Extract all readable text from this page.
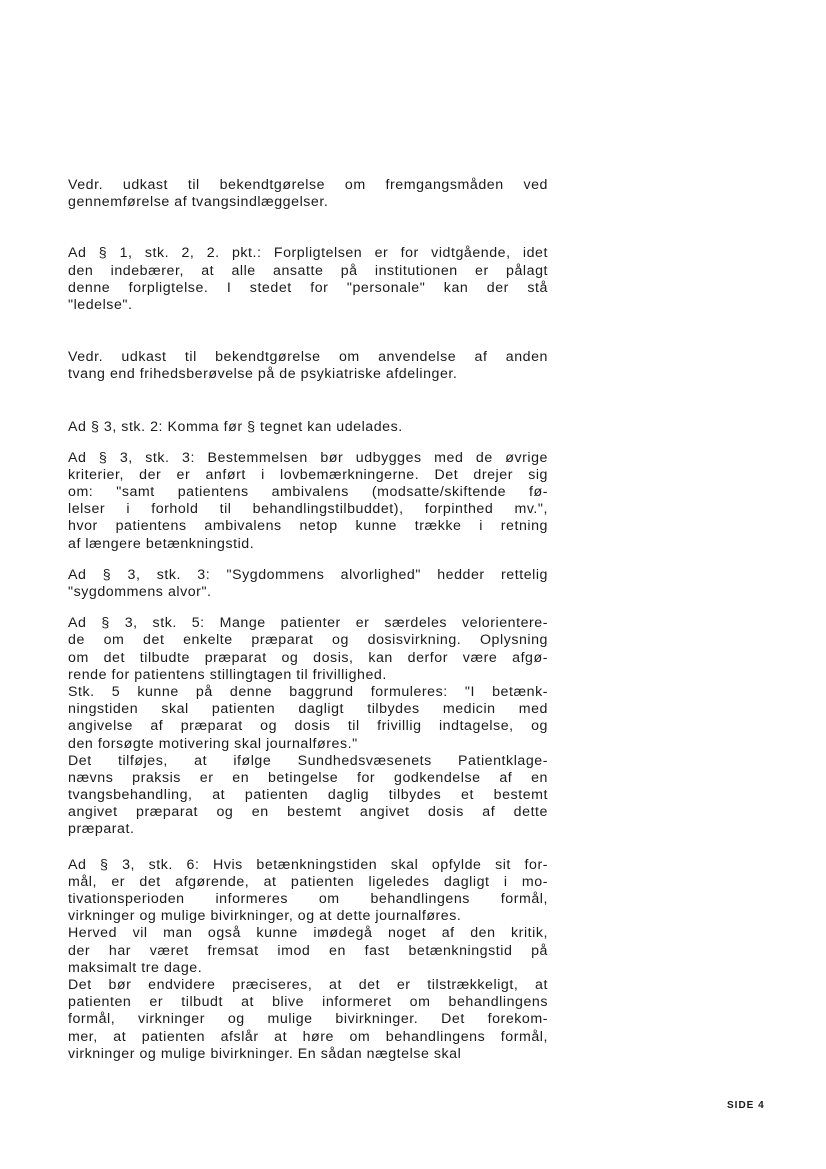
Vedr. udkast til bekendtgørelse om fremgangsmåden ved
gennemførelse af tvangsindlæggelser.
Ad § 1, stk. 2, 2. pkt.: Forpligtelsen er for vidtgående, idet
den indebærer, at alle ansatte på institutionen er pålagt
denne forpligtelse. I stedet for "personale" kan der stå
"ledelse".
Vedr. udkast til bekendtgørelse om anvendelse af anden
tvang end frihedsberøvelse på de psykiatriske afdelinger.
Ad § 3, stk. 2: Komma før § tegnet kan udelades.
Ad § 3, stk. 3: Bestemmelsen bør udbygges med de øvrige
kriterier, der er anført i lovbemærkningerne. Det drejer sig
om: "samt patientens ambivalens (modsatte/skiftende fø-
lelser i forhold til behandlingstilbuddet), forpinthed mv.",
hvor patientens ambivalens netop kunne trække i retning
af længere betænkningstid.
Ad § 3, stk. 3: "Sygdommens alvorlighed" hedder rettelig
"sygdommens alvor".
Ad § 3, stk. 5: Mange patienter er særdeles velorientere-
de om det enkelte præparat og dosisvirkning. Oplysning
om det tilbudte præparat og dosis, kan derfor være afgø-
rende for patientens stillingtagen til frivillighed.
Stk. 5 kunne på denne baggrund formuleres: "I betænk-
ningstiden skal patienten dagligt tilbydes medicin med
angivelse af præparat og dosis til frivillig indtagelse, og
den forsøgte motivering skal journalføres."
Det tilføjes, at ifølge Sundhedsvæsenets Patientklage-
nævns praksis er en betingelse for godkendelse af en
tvangsbehandling, at patienten daglig tilbydes et bestemt
angivet præparat og en bestemt angivet dosis af dette
præparat.
Ad § 3, stk. 6: Hvis betænkningstiden skal opfylde sit for-
mål, er det afgørende, at patienten ligeledes dagligt i mo-
tivationsperioden informeres om behandlingens formål,
virkninger og mulige bivirkninger, og at dette journalføres.
Herved vil man også kunne imødegå noget af den kritik,
der har været fremsat imod en fast betænkningstid på
maksimalt tre dage.
Det bør endvidere præciseres, at det er tilstrækkeligt, at
patienten er tilbudt at blive informeret om behandlingens
formål, virkninger og mulige bivirkninger. Det forekom-
mer, at patienten afslår at høre om behandlingens formål,
virkninger og mulige bivirkninger. En sådan nægtelse skal
SIDE 4
